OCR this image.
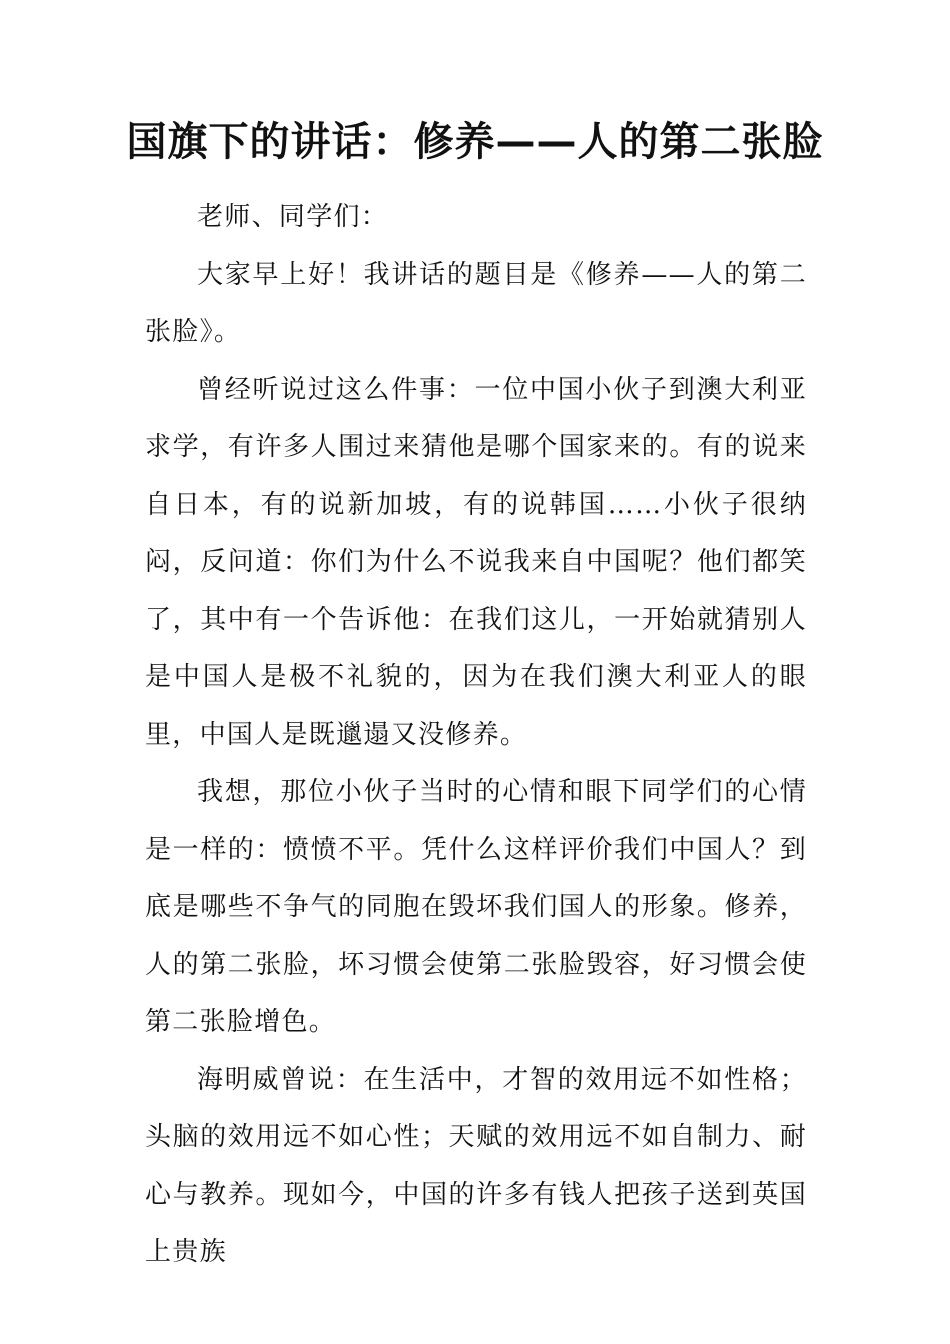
国旗下的讲话：修养——人的第二张脸

老师、同学们：

大家早上好！我讲话的题目是《修养——人的第二张脸》。

曾经听说过这么件事：一位中国小伙子到澳大利亚求学，有许多人围过来猜他是哪个国家来的。有的说来自日本，有的说新加坡，有的说韩国……小伙子很纳闷，反问道：你们为什么不说我来自中国呢？他们都笑了，其中有一个告诉他：在我们这儿，一开始就猜别人是中国人是极不礼貌的，因为在我们澳大利亚人的眼里，中国人是既邋遢又没修养。

我想，那位小伙子当时的心情和眼下同学们的心情是一样的：愤愤不平。凭什么这样评价我们中国人？到底是哪些不争气的同胞在毁坏我们国人的形象。修养，人的第二张脸，坏习惯会使第二张脸毁容，好习惯会使第二张脸增色。

海明威曾说：在生活中，才智的效用远不如性格；头脑的效用远不如心性；天赋的效用远不如自制力、耐心与教养。现如今，中国的许多有钱人把孩子送到英国上贵族
